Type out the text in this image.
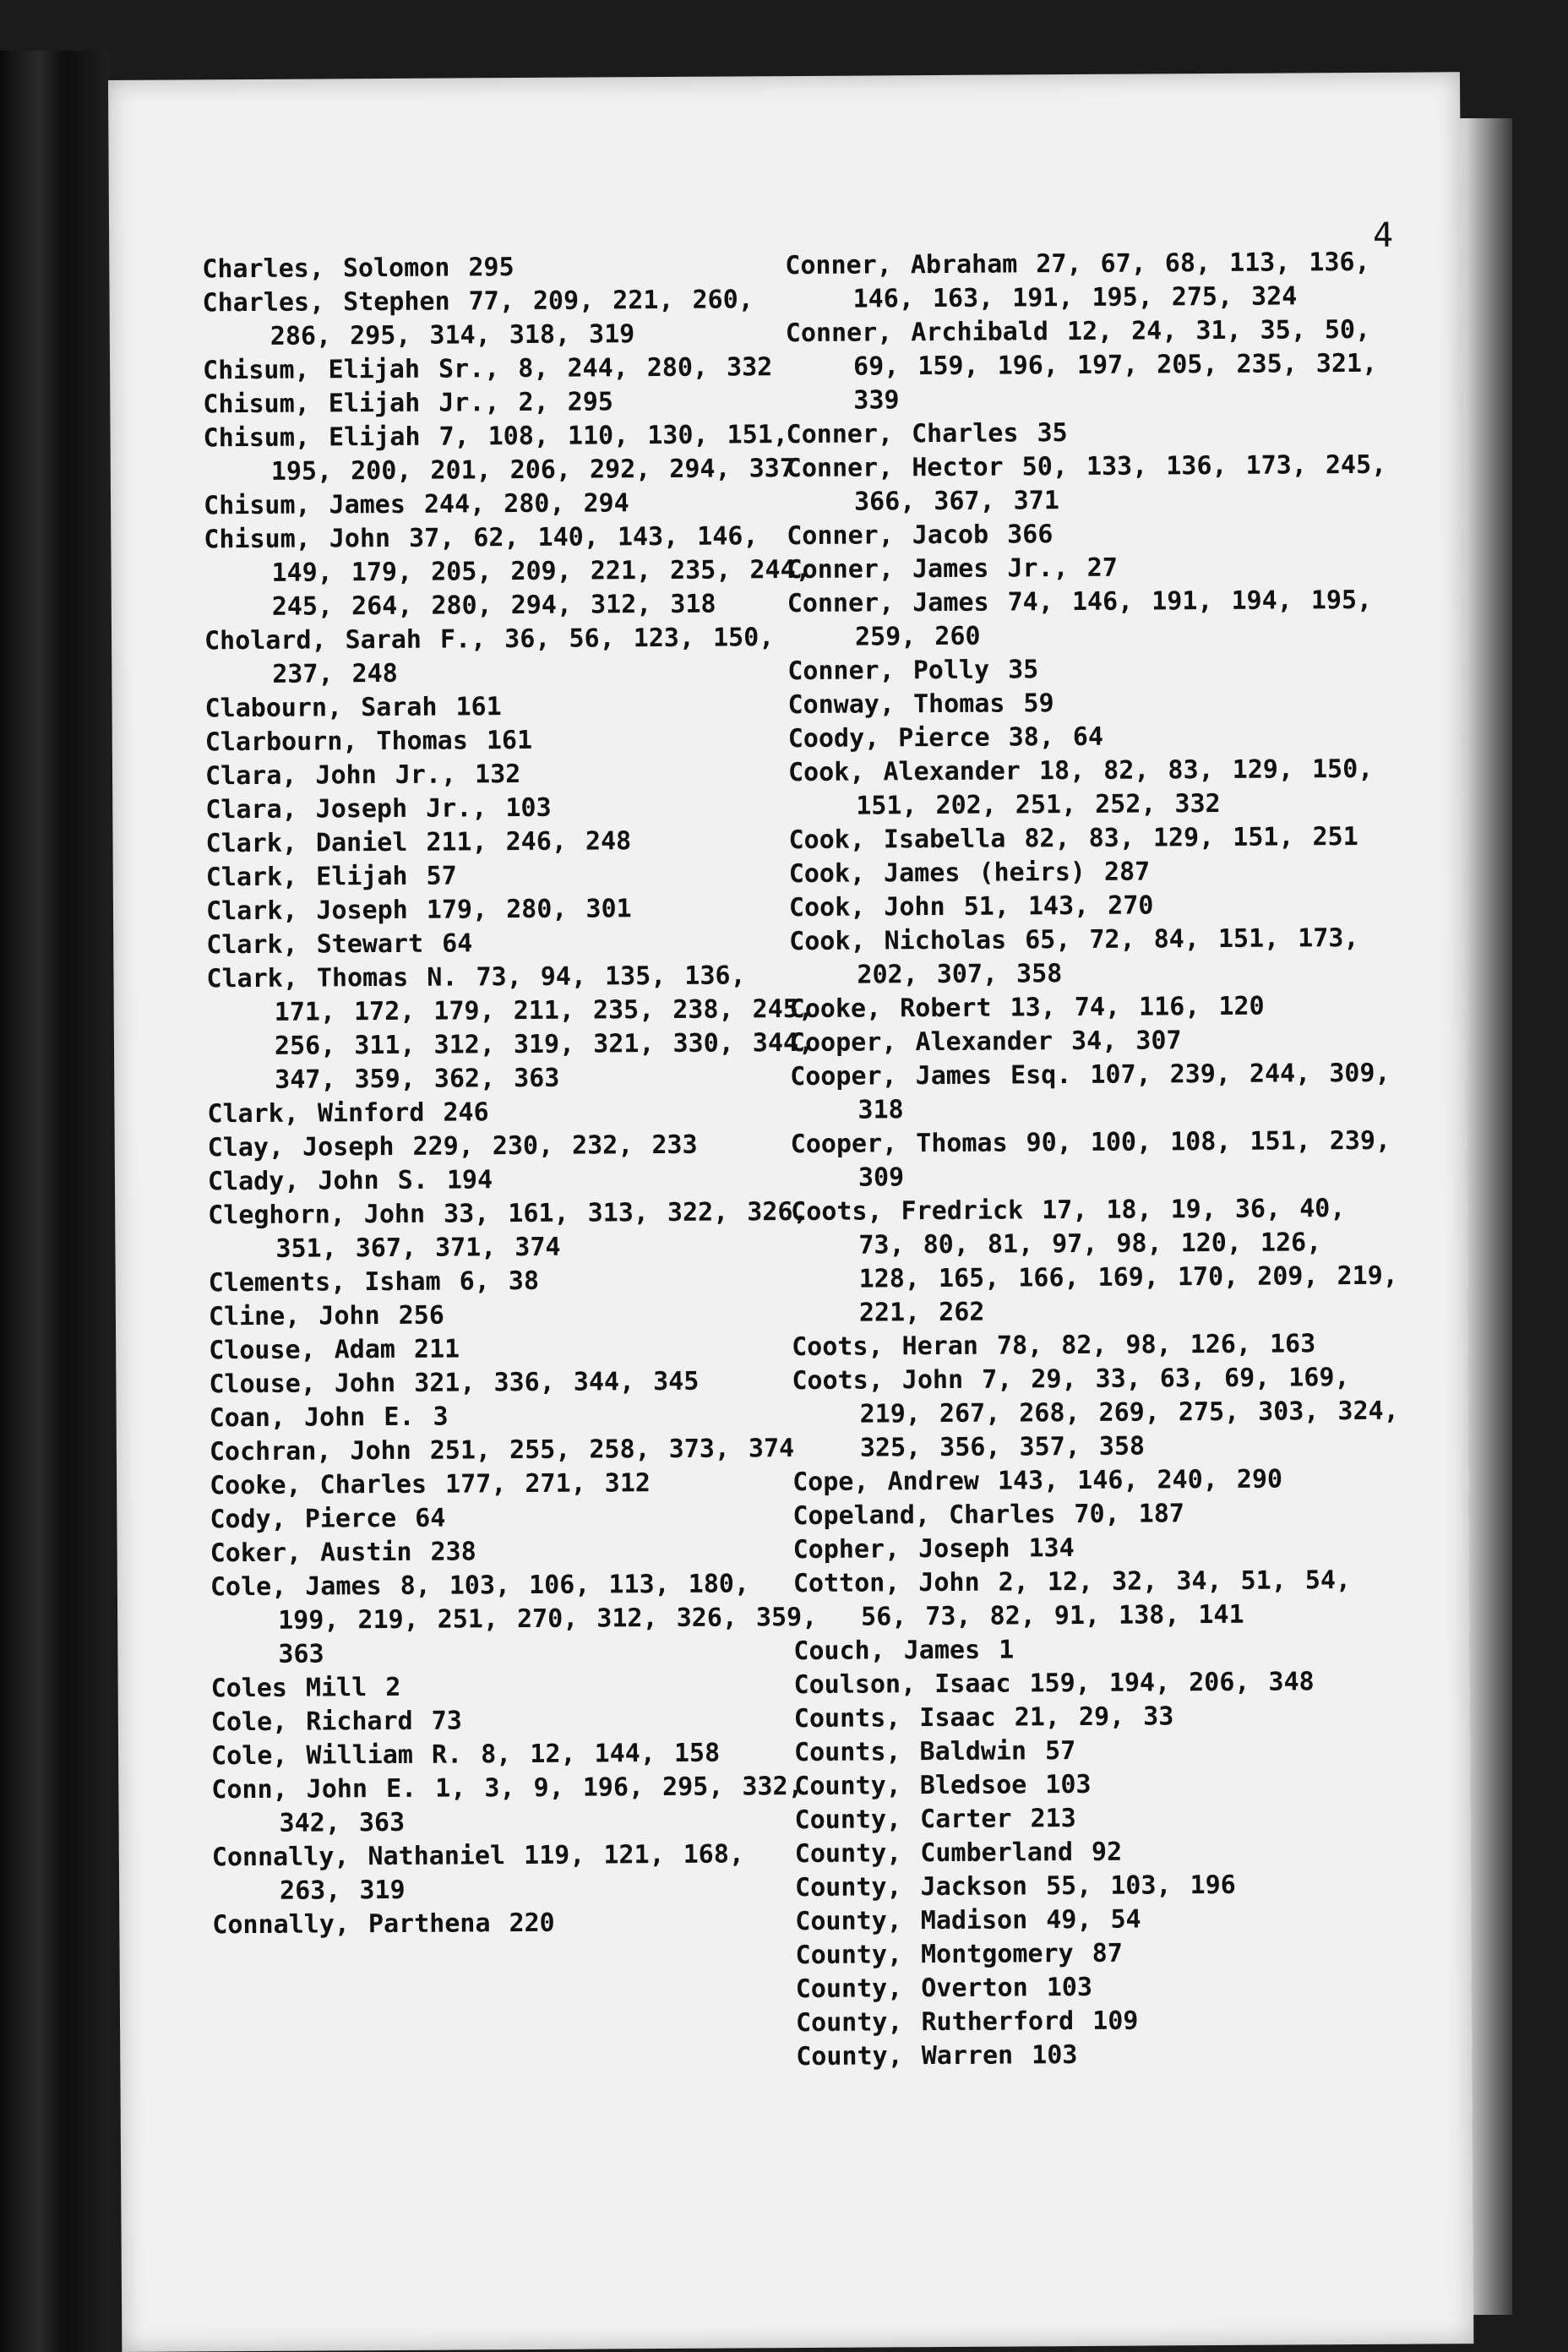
4
Charles, Solomon 295
Charles, Stephen 77, 209, 221, 260, 286, 295, 314, 318, 319
Chisum, Elijah Sr., 8, 244, 280, 332
Chisum, Elijah Jr., 2, 295
Chisum, Elijah 7, 108, 110, 130, 151, 195, 200, 201, 206, 292, 294, 337
Chisum, James 244, 280, 294
Chisum, John 37, 62, 140, 143, 146, 149, 179, 205, 209, 221, 235, 244, 245, 264, 280, 294, 312, 318
Cholard, Sarah F., 36, 56, 123, 150, 237, 248
Clabourn, Sarah 161
Clarbourn, Thomas 161
Clara, John Jr., 132
Clara, Joseph Jr., 103
Clark, Daniel 211, 246, 248
Clark, Elijah 57
Clark, Joseph 179, 280, 301
Clark, Stewart 64
Clark, Thomas N. 73, 94, 135, 136, 171, 172, 179, 211, 235, 238, 245, 256, 311, 312, 319, 321, 330, 344, 347, 359, 362, 363
Clark, Winford 246
Clay, Joseph 229, 230, 232, 233
Clady, John S. 194
Cleghorn, John 33, 161, 313, 322, 326, 351, 367, 371, 374
Clements, Isham 6, 38
Cline, John 256
Clouse, Adam 211
Clouse, John 321, 336, 344, 345
Coan, John E. 3
Cochran, John 251, 255, 258, 373, 374
Cooke, Charles 177, 271, 312
Cody, Pierce 64
Coker, Austin 238
Cole, James 8, 103, 106, 113, 180, 199, 219, 251, 270, 312, 326, 359, 363
Coles Mill 2
Cole, Richard 73
Cole, William R. 8, 12, 144, 158
Conn, John E. 1, 3, 9, 196, 295, 332, 342, 363
Connally, Nathaniel 119, 121, 168, 263, 319
Connally, Parthena 220
Conner, Abraham 27, 67, 68, 113, 136, 146, 163, 191, 195, 275, 324
Conner, Archibald 12, 24, 31, 35, 50, 69, 159, 196, 197, 205, 235, 321, 339
Conner, Charles 35
Conner, Hector 50, 133, 136, 173, 245, 366, 367, 371
Conner, Jacob 366
Conner, James Jr., 27
Conner, James 74, 146, 191, 194, 195, 259, 260
Conner, Polly 35
Conway, Thomas 59
Coody, Pierce 38, 64
Cook, Alexander 18, 82, 83, 129, 150, 151, 202, 251, 252, 332
Cook, Isabella 82, 83, 129, 151, 251
Cook, James (heirs) 287
Cook, John 51, 143, 270
Cook, Nicholas 65, 72, 84, 151, 173, 202, 307, 358
Cooke, Robert 13, 74, 116, 120
Cooper, Alexander 34, 307
Cooper, James Esq. 107, 239, 244, 309, 318
Cooper, Thomas 90, 100, 108, 151, 239, 309
Coots, Fredrick 17, 18, 19, 36, 40, 73, 80, 81, 97, 98, 120, 126, 128, 165, 166, 169, 170, 209, 219, 221, 262
Coots, Heran 78, 82, 98, 126, 163
Coots, John 7, 29, 33, 63, 69, 169, 219, 267, 268, 269, 275, 303, 324, 325, 356, 357, 358
Cope, Andrew 143, 146, 240, 290
Copeland, Charles 70, 187
Copher, Joseph 134
Cotton, John 2, 12, 32, 34, 51, 54, 56, 73, 82, 91, 138, 141
Couch, James 1
Coulson, Isaac 159, 194, 206, 348
Counts, Isaac 21, 29, 33
Counts, Baldwin 57
County, Bledsoe 103
County, Carter 213
County, Cumberland 92
County, Jackson 55, 103, 196
County, Madison 49, 54
County, Montgomery 87
County, Overton 103
County, Rutherford 109
County, Warren 103
